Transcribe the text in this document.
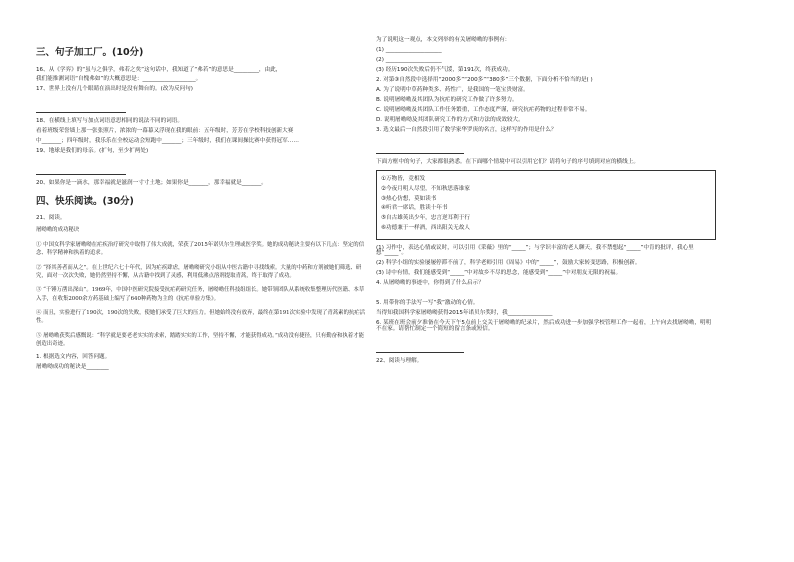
三、句子加工厂。(10分)
16、从《学弈》的“虽与之俱学，弗若之矣”这句话中，我知道了“弗若”的意思是_________，由此，
我们能推测词语“自愧弗如”的大概意思是：___________________。
17、世界上没有几个眼睛在演出时是没有舞台的。(改为反问句)
18、在横线上填写与加点词语意思相同的说法不同的词语。
看着班级荣誉墙上那一张张照片，浓浓的一幕幕又浮现在我的眼前：五年级时，芳芳在学校科技创新大赛
中_______；四年级时，我乐乐在全校运动会短跑中_______；三年级时，我们在课间操比赛中获得冠军……
19、地球是我们的母亲。(扩句，至少扩两处)
20、如果你是一滴水，那幸福就是滋润一寸寸土地；如果你是_______，那幸福就是_______。
四、快乐阅读。(30分)
21、阅读。
屠呦呦的成功秘诀
① 中国女科学家屠呦呦在疟疾治疗研究中取得了伟大成就，荣获了2015年诺贝尔生理或医学奖。她的成功秘诀主要有以下几点：坚定的信念、科学精神和执着的追求。
② “择其善者而从之”。在上世纪六七十年代，因为疟疾肆虐，屠呦呦研究小组从中医古籍中寻找线索。大量的中药和方剂被她们筛选、研究，面对一次次失败，她仍然坚持不懈，从古籍中找到了灵感，利用低沸点溶剂提取青蒿，终于取得了成功。
③ “千锤万凿出深山”。1969年，中国中医研究院接受抗疟药研究任务，屠呦呦任科技组组长。她带领团队从系统收集整理历代医籍、本草入手，在收集2000余方药基础上编写了640种药物为主的《抗疟单验方集》。
④ 而且，实验进行了190次，190次的失败，使她们承受了巨大的压力。但她始终没有放弃，最终在第191次实验中发现了青蒿素的抗疟活性。
⑤ 屠呦呦获奖后感慨说：“科学就是要老老实实的求索，踏踏实实的工作，坚持不懈，才能获得成功。”成功没有捷径，只有勤奋和执着才能创造出奇迹。
1. 根据选文内容，回答问题。
屠呦呦成功的秘诀是________
为了说明这一观点，本文列举的有关屠呦呦的事例有：
(1) ____________________
(2) ____________________
(3) 经历190次失败后仍不气馁，第191次，终获成功。
2. 对第③自然段中选择用“2000多”“200多”“380多”三个数据，下面分析不恰当的是( )
A. 为了说明中草药种类多、药性广，是我国的一笔宝贵财富。
B. 说明屠呦呦及其团队为抗疟的研究工作做了许多努力。
C. 说明屠呦呦及其团队工作任务繁重，工作态度严谨，研究抗疟药物的过程非常不易。
D. 说明屠呦呦及其团队研究工作的方式和方法的成效较大。
3. 选文最后一自然段引用了数学家华罗庚的名言，这样写的作用是什么？
下面方框中的句子，大家都很熟悉。在下面哪个情境中可以引用它们？请将句子的序号填到对应的横线上。
①万物皆，竞相发
②今夜月明人尽望，不知秋思落谁家
③热心仿想，莫如读书
④听君一席话，胜读十年书
⑤自古雄英出少年，忠言逆耳利于行
⑥功德兼于一样酒，西出阳关无故人
(1) 习作中，表达心情或议时，可以引用《采薇》里的“_____”；与学识丰富的老人聊天，我不禁想起“_____”中肯的批评，我心里想“_____”。
(2) 科学小组的实验屡屡停滞不前了，科学老师引用《周易》中的“_____”，鼓励大家转变思路，积极创新。
(3) 诗中有情，我们能感受到“_____”中对故乡不尽的思念，能感受到“_____”中对朋友无限的祝福。
4. 从屠呦呦的事迹中，你得到了什么启示？
5. 用带你的手法写一写“我”激动的心情。
当得知我国科学家屠呦呦获得2015年诺贝尔奖时，我________________
6. 某班在班会前夕准备在今天下午5点前上交关于屠呦呦的纪录片，然后成功进一步加强学校管理工作一起看，上午向去找屠呦呦，明明不在家。请帮忙制定一个简短的留言条或短信。
22、阅读与理解。
